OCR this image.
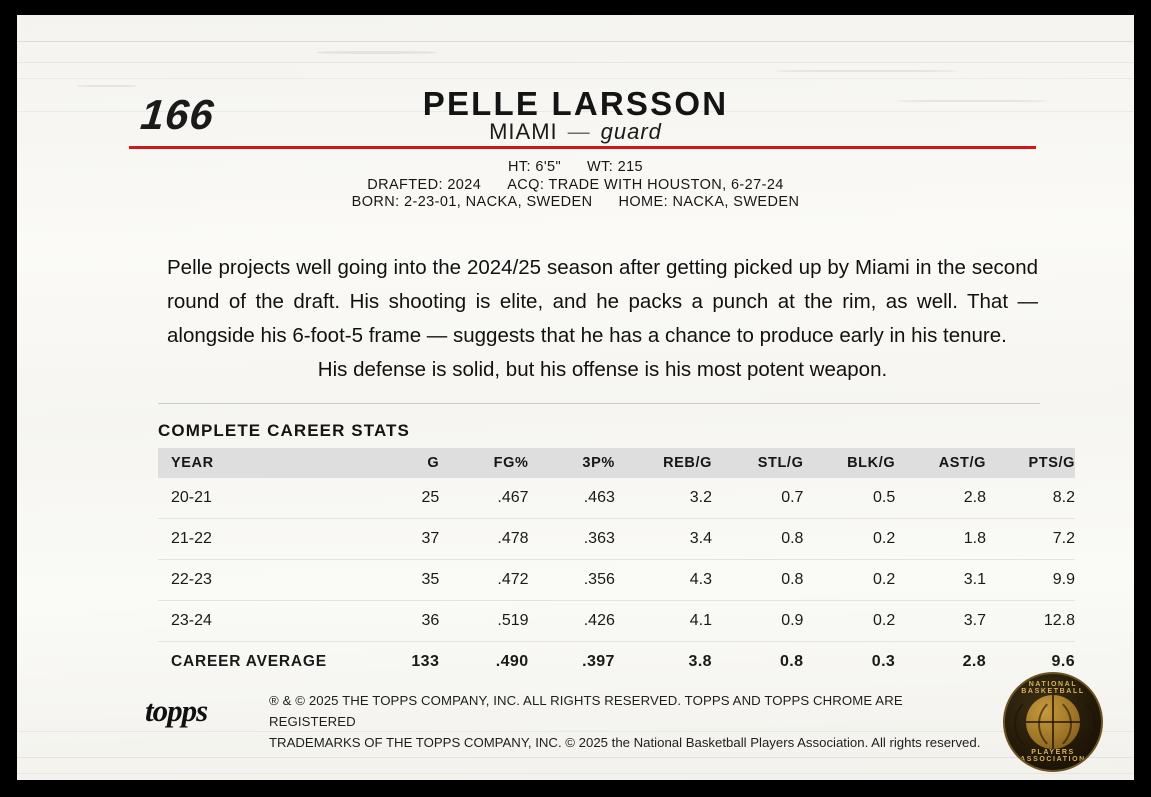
166	PELLE LARSSON
MIAMI — guard
HT: 6'5" WT: 215
DRAFTED: 2024 ACQ: TRADE WITH HOUSTON, 6-27-24
BORN: 2-23-01, NACKA, SWEDEN HOME: NACKA, SWEDEN
Pelle projects well going into the 2024/25 season after getting picked up by Miami in the second round of the draft. His shooting is elite, and he packs a punch at the rim, as well. That — alongside his 6-foot-5 frame — suggests that he has a chance to produce early in his tenure.
His defense is solid, but his offense is his most potent weapon.
COMPLETE CAREER STATS
YEAR	G	FG%	3P%	REB/G	STL/G	BLK/G	AST/G	PTS/G
20-21	25	.467	.463	3.2	0.7	0.5	2.8	8.2
21-22	37	.478	.363	3.4	0.8	0.2	1.8	7.2
22-23	35	.472	.356	4.3	0.8	0.2	3.1	9.9
23-24	36	.519	.426	4.1	0.9	0.2	3.7	12.8
CAREER AVERAGE	133	.490	.397	3.8	0.8	0.3	2.8	9.6
topps	® & © 2025 THE TOPPS COMPANY, INC. ALL RIGHTS RESERVED. TOPPS AND TOPPS CHROME ARE REGISTERED
TRADEMARKS OF THE TOPPS COMPANY, INC. © 2025 the National Basketball Players Association. All rights reserved.
NATIONAL BASKETBALL
PLAYERS ASSOCIATION
